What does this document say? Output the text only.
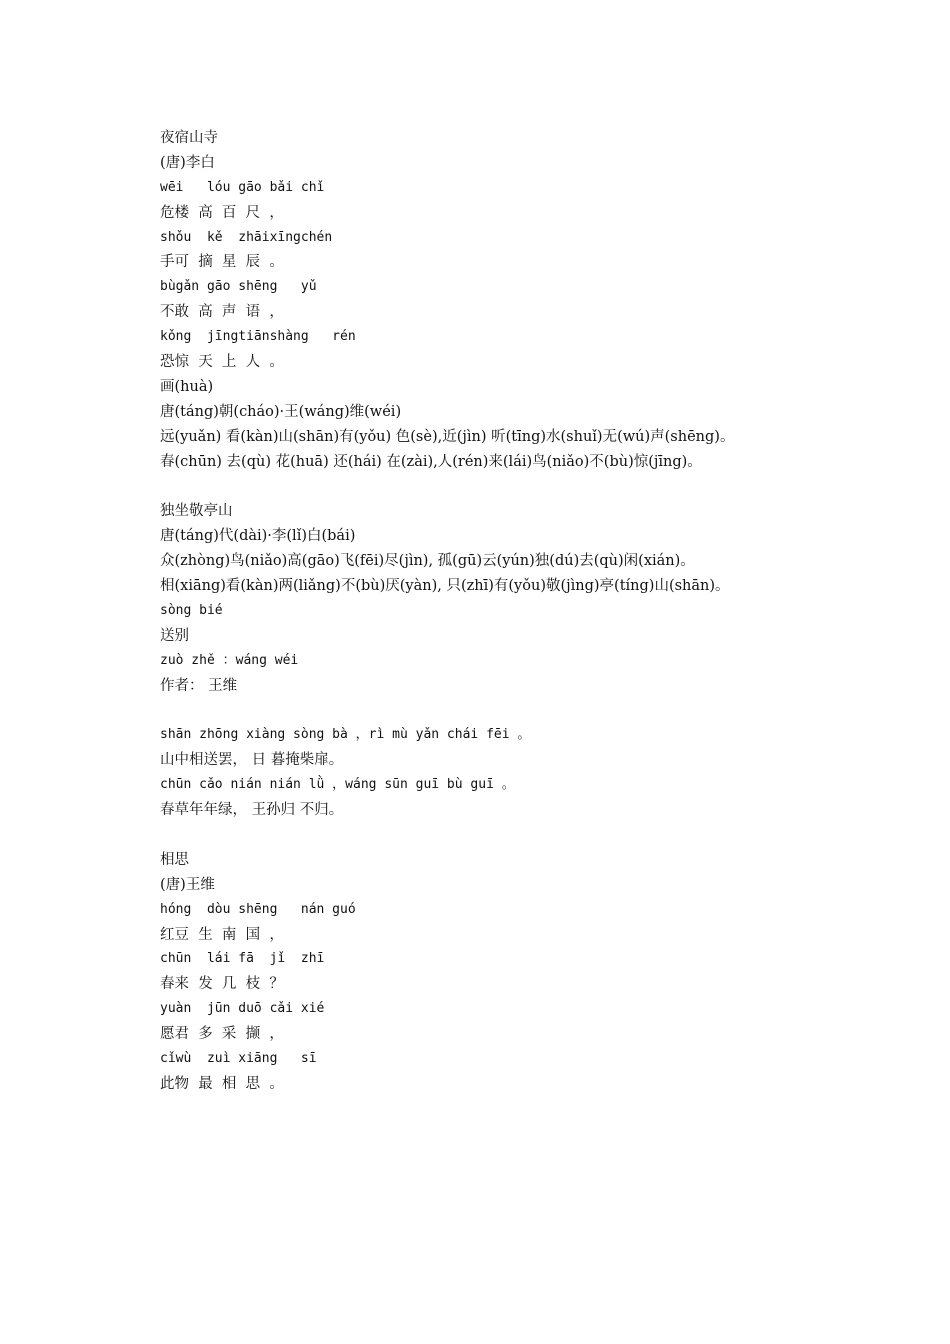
夜宿山寺
(唐)李白
wēi   lóu gāo bǎi chǐ
危楼  高  百  尺  ，
shǒu  kě  zhāixīngchén
手可  摘  星  辰  。
bùgǎn gāo shēng   yǔ
不敢  高  声  语  ，
kǒng  jīngtiānshàng   rén
恐惊  天  上  人  。
画(huà)
唐(táng)朝(cháo)·王(wáng)维(wéi)
远(yuǎn) 看(kàn)山(shān)有(yǒu) 色(sè),近(jìn) 听(tīng)水(shuǐ)无(wú)声(shēng)。
春(chūn) 去(qù) 花(huā) 还(hái) 在(zài),人(rén)来(lái)鸟(niǎo)不(bù)惊(jīng)。
独坐敬亭山
唐(táng)代(dài)·李(lǐ)白(bái)
众(zhòng)鸟(niǎo)高(gāo)飞(fēi)尽(jìn), 孤(gū)云(yún)独(dú)去(qù)闲(xián)。
相(xiāng)看(kàn)两(liǎng)不(bù)厌(yàn), 只(zhī)有(yǒu)敬(jìng)亭(tíng)山(shān)。
sòng bié
送别
zuò zhě ：wáng wéi
作者： 王维
shān zhōng xiàng sòng bà ，rì mù yǎn chái fēi 。
山中相送罢， 日 暮掩柴扉。
chūn cǎo nián nián lǜ ，wáng sūn guī bù guī 。
春草年年绿， 王孙归 不归。
相思
(唐)王维
hóng  dòu shēng   nán guó
红豆  生  南  国  ，
chūn  lái fā  jǐ  zhī
春来  发  几  枝  ？
yuàn  jūn duō cǎi xié
愿君  多  采  撷  ，
cǐwù  zuì xiāng   sī
此物  最  相  思  。
